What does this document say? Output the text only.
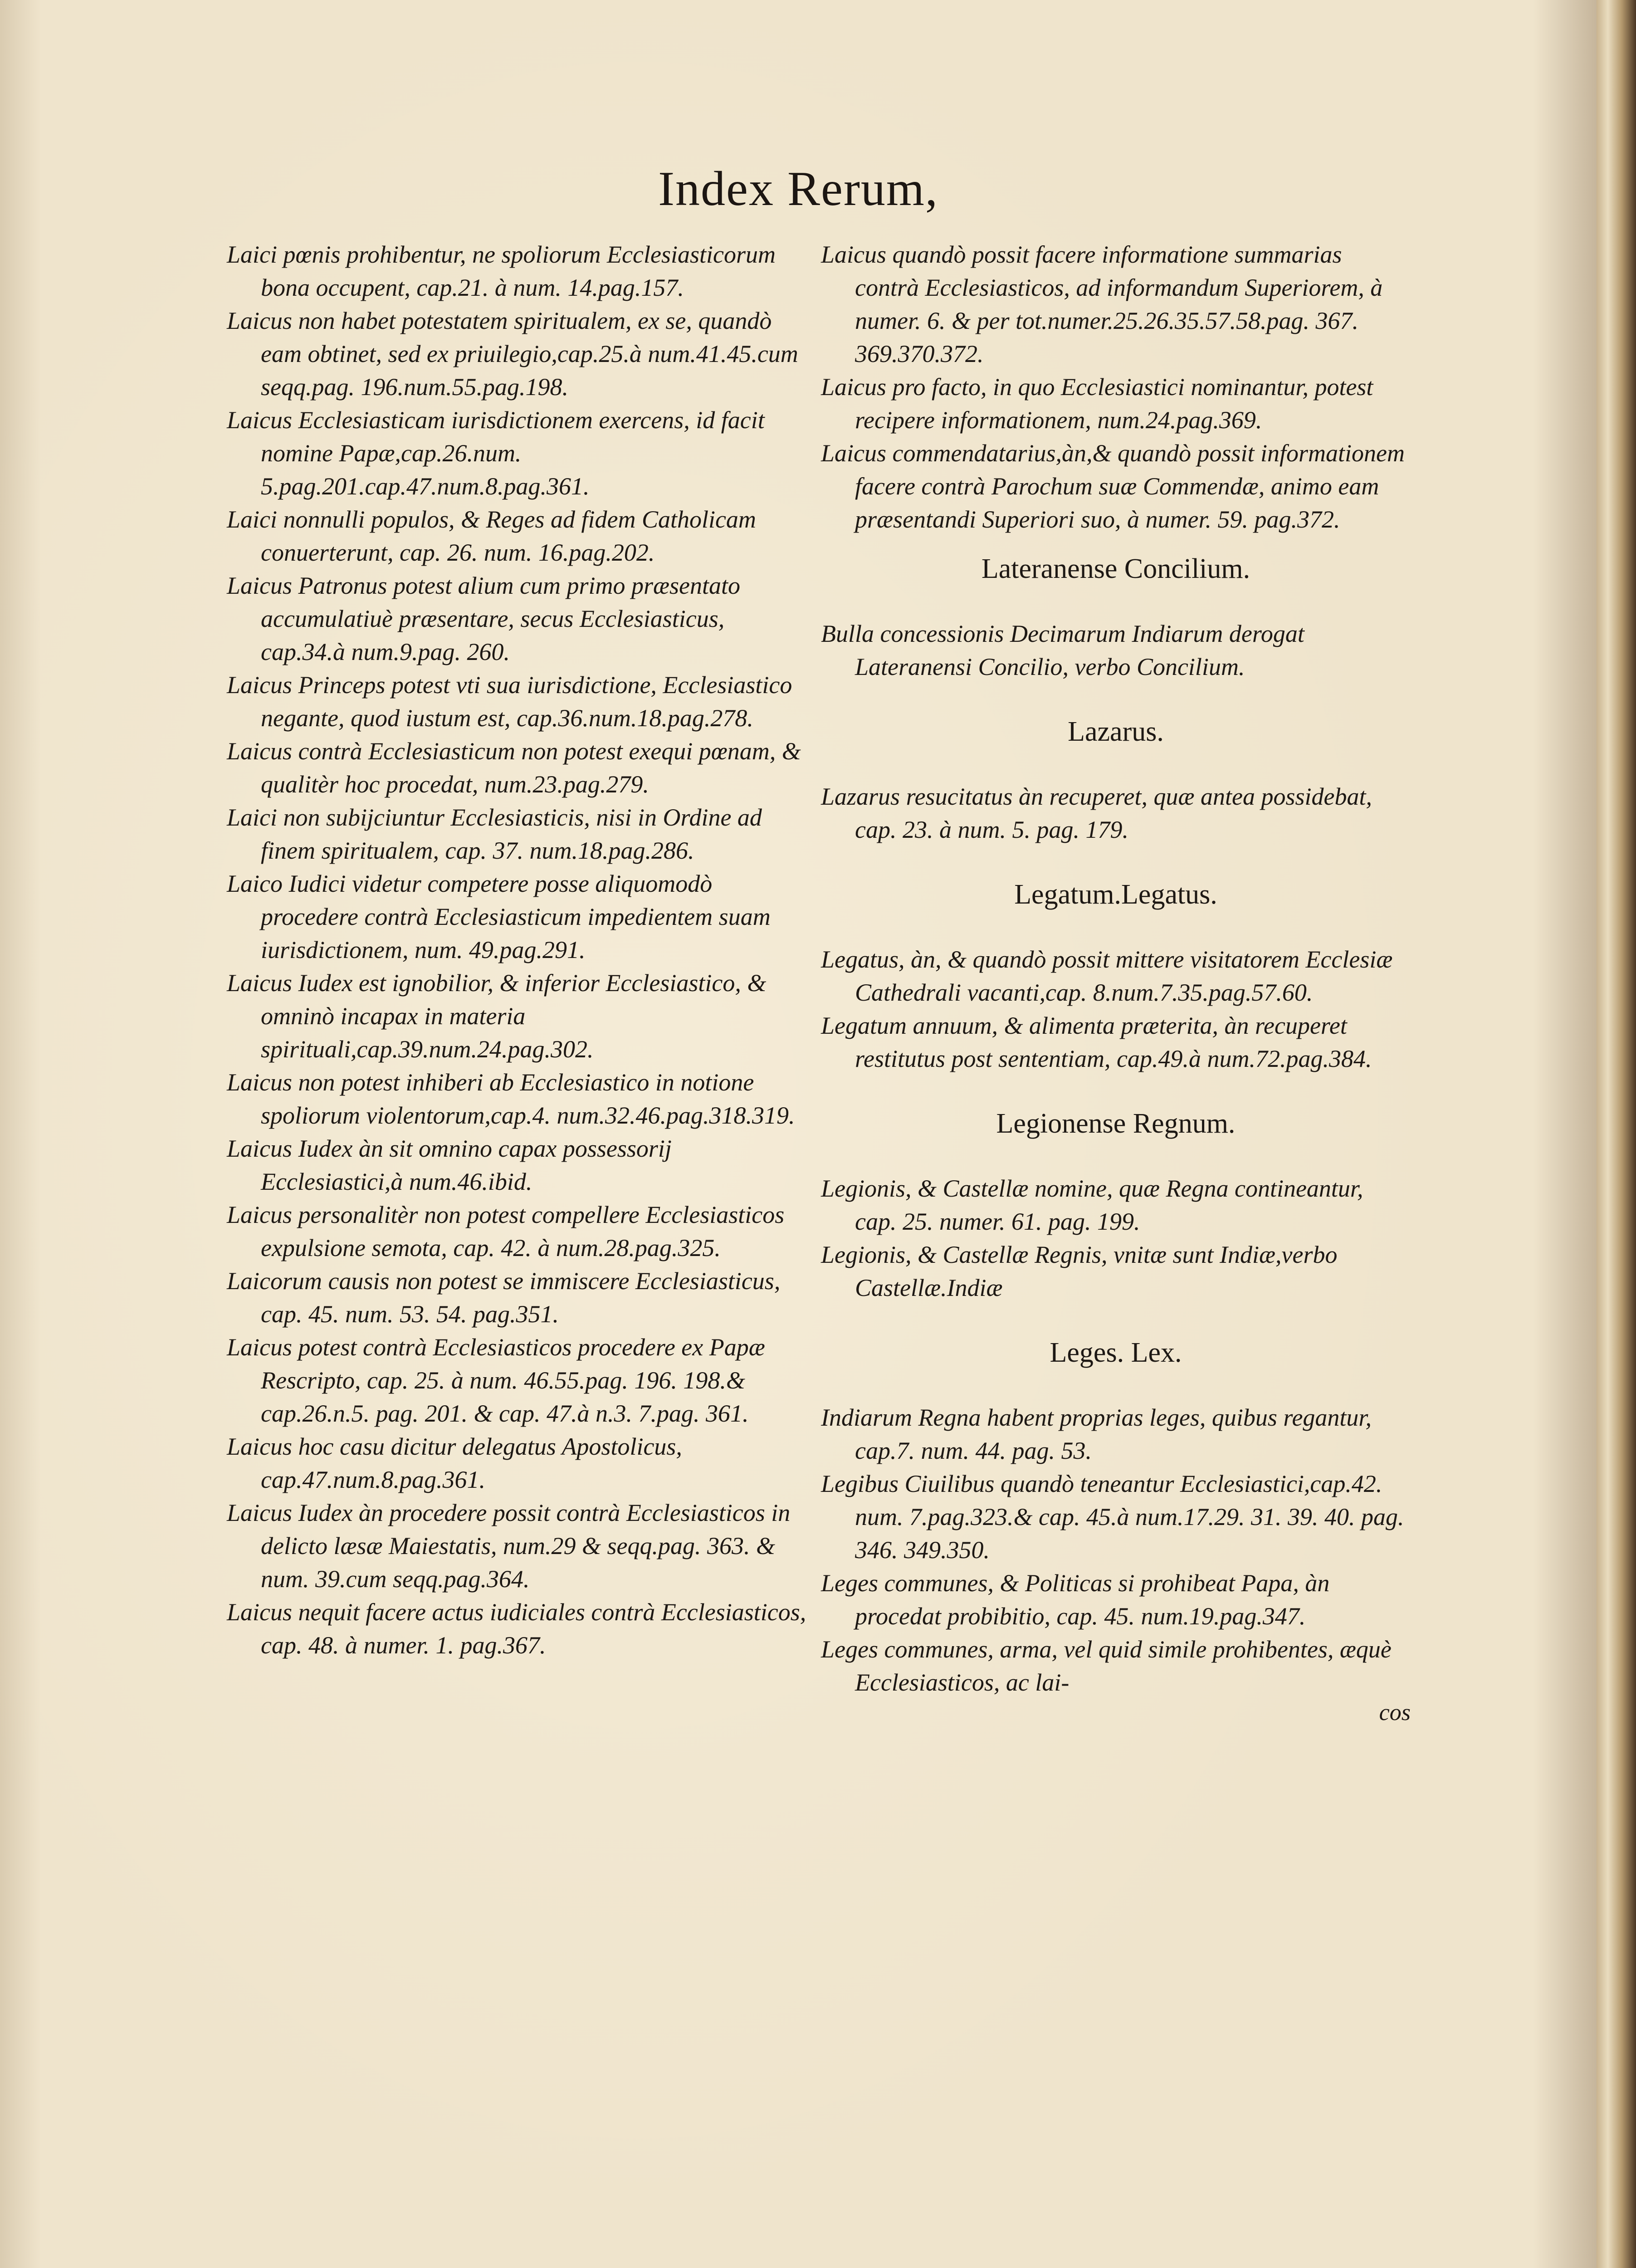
Index Rerum,
Laici pœnis prohibentur, ne spoliorum Ecclesiasticorum bona occupent, cap.21. à num. 14.pag.157.
Laicus non habet potestatem spiritualem, ex se, quandò eam obtinet, sed ex priuilegio,cap.25.à num.41.45.cum seqq.pag. 196.num.55.pag.198.
Laicus Ecclesiasticam iurisdictionem exercens, id facit nomine Papæ,cap.26.num. 5.pag.201.cap.47.num.8.pag.361.
Laici nonnulli populos, & Reges ad fidem Catholicam conuerterunt, cap. 26. num. 16.pag.202.
Laicus Patronus potest alium cum primo præsentato accumulatiuè præsentare, secus Ecclesiasticus, cap.34.à num.9.pag. 260.
Laicus Princeps potest vti sua iurisdictione, Ecclesiastico negante, quod iustum est, cap.36.num.18.pag.278.
Laicus contrà Ecclesiasticum non potest exequi pœnam, & qualitèr hoc procedat, num.23.pag.279.
Laici non subijciuntur Ecclesiasticis, nisi in Ordine ad finem spiritualem, cap. 37. num.18.pag.286.
Laico Iudici videtur competere posse aliquomodò procedere contrà Ecclesiasticum impedientem suam iurisdictionem, num. 49.pag.291.
Laicus Iudex est ignobilior, & inferior Ecclesiastico, & omninò incapax in materia spirituali,cap.39.num.24.pag.302.
Laicus non potest inhiberi ab Ecclesiastico in notione spoliorum violentorum,cap.4. num.32.46.pag.318.319.
Laicus Iudex àn sit omnino capax possessorij Ecclesiastici,à num.46.ibid.
Laicus personalitèr non potest compellere Ecclesiasticos expulsione semota, cap. 42. à num.28.pag.325.
Laicorum causis non potest se immiscere Ecclesiasticus, cap. 45. num. 53. 54. pag.351.
Laicus potest contrà Ecclesiasticos procedere ex Papæ Rescripto, cap. 25. à num. 46.55.pag. 196. 198.& cap.26.n.5. pag. 201. & cap. 47.à n.3. 7.pag. 361.
Laicus hoc casu dicitur delegatus Apostolicus, cap.47.num.8.pag.361.
Laicus Iudex àn procedere possit contrà Ecclesiasticos in delicto læsæ Maiestatis, num.29 & seqq.pag. 363. & num. 39.cum seqq.pag.364.
Laicus nequit facere actus iudiciales contrà Ecclesiasticos, cap. 48. à numer. 1. pag.367.
Laicus quandò possit facere informatione summarias contrà Ecclesiasticos, ad informandum Superiorem, à numer. 6. & per tot.numer.25.26.35.57.58.pag. 367. 369.370.372.
Laicus pro facto, in quo Ecclesiastici nominantur, potest recipere informationem, num.24.pag.369.
Laicus commendatarius,àn,& quandò possit informationem facere contrà Parochum suæ Commendæ, animo eam præsentandi Superiori suo, à numer. 59. pag.372.
Lateranense Concilium.
Bulla concessionis Decimarum Indiarum derogat Lateranensi Concilio, verbo Concilium.
Lazarus.
Lazarus resucitatus àn recuperet, quæ antea possidebat, cap. 23. à num. 5. pag. 179.
Legatum.Legatus.
Legatus, àn, & quandò possit mittere visitatorem Ecclesiæ Cathedrali vacanti,cap. 8.num.7.35.pag.57.60.
Legatum annuum, & alimenta præterita, àn recuperet restitutus post sententiam, cap.49.à num.72.pag.384.
Legionense Regnum.
Legionis, & Castellæ nomine, quæ Regna contineantur, cap. 25. numer. 61. pag. 199.
Legionis, & Castellæ Regnis, vnitæ sunt Indiæ,verbo Castellæ.Indiæ
Leges. Lex.
Indiarum Regna habent proprias leges, quibus regantur, cap.7. num. 44. pag. 53.
Legibus Ciuilibus quandò teneantur Ecclesiastici,cap.42. num. 7.pag.323.& cap. 45.à num.17.29. 31. 39. 40. pag. 346. 349.350.
Leges communes, & Politicas si prohibeat Papa, àn procedat probibitio, cap. 45. num.19.pag.347.
Leges communes, arma, vel quid simile prohibentes, æquè Ecclesiasticos, ac lai-
cos
